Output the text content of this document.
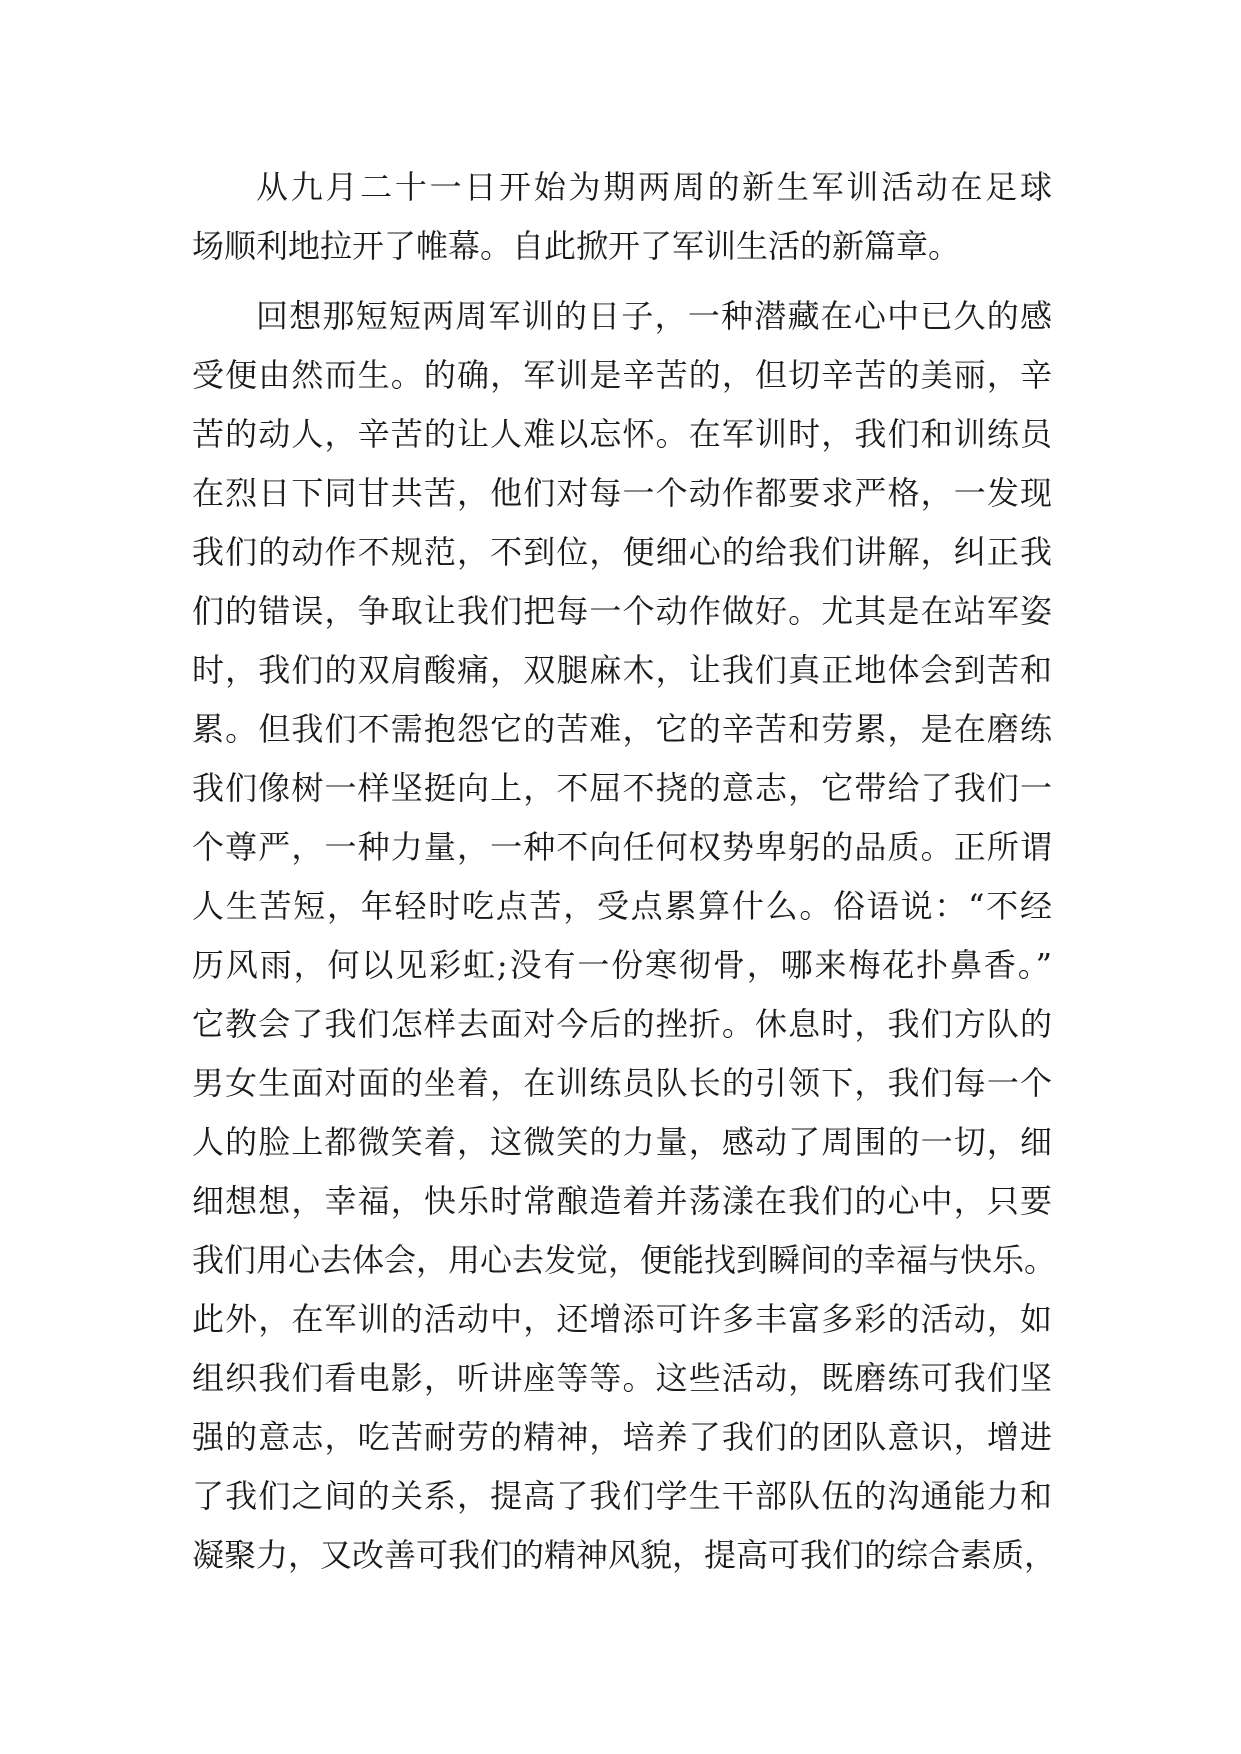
从九月二十一日开始为期两周的新生军训活动在足球
场顺利地拉开了帷幕。自此掀开了军训生活的新篇章。

回想那短短两周军训的日子，一种潜藏在心中已久的感
受便由然而生。的确，军训是辛苦的，但切辛苦的美丽，辛
苦的动人，辛苦的让人难以忘怀。在军训时，我们和训练员
在烈日下同甘共苦，他们对每一个动作都要求严格，一发现
我们的动作不规范，不到位，便细心的给我们讲解，纠正我
们的错误，争取让我们把每一个动作做好。尤其是在站军姿
时，我们的双肩酸痛，双腿麻木，让我们真正地体会到苦和
累。但我们不需抱怨它的苦难，它的辛苦和劳累，是在磨练
我们像树一样坚挺向上，不屈不挠的意志，它带给了我们一
个尊严，一种力量，一种不向任何权势卑躬的品质。正所谓
人生苦短，年轻时吃点苦，受点累算什么。俗语说：“不经
历风雨，何以见彩虹;没有一份寒彻骨，哪来梅花扑鼻香。”
它教会了我们怎样去面对今后的挫折。休息时，我们方队的
男女生面对面的坐着，在训练员队长的引领下，我们每一个
人的脸上都微笑着，这微笑的力量，感动了周围的一切，细
细想想，幸福，快乐时常酿造着并荡漾在我们的心中，只要
我们用心去体会，用心去发觉，便能找到瞬间的幸福与快乐。
此外，在军训的活动中，还增添可许多丰富多彩的活动，如
组织我们看电影，听讲座等等。这些活动，既磨练可我们坚
强的意志，吃苦耐劳的精神，培养了我们的团队意识，增进
了我们之间的关系，提高了我们学生干部队伍的沟通能力和
凝聚力，又改善可我们的精神风貌，提高可我们的综合素质，
